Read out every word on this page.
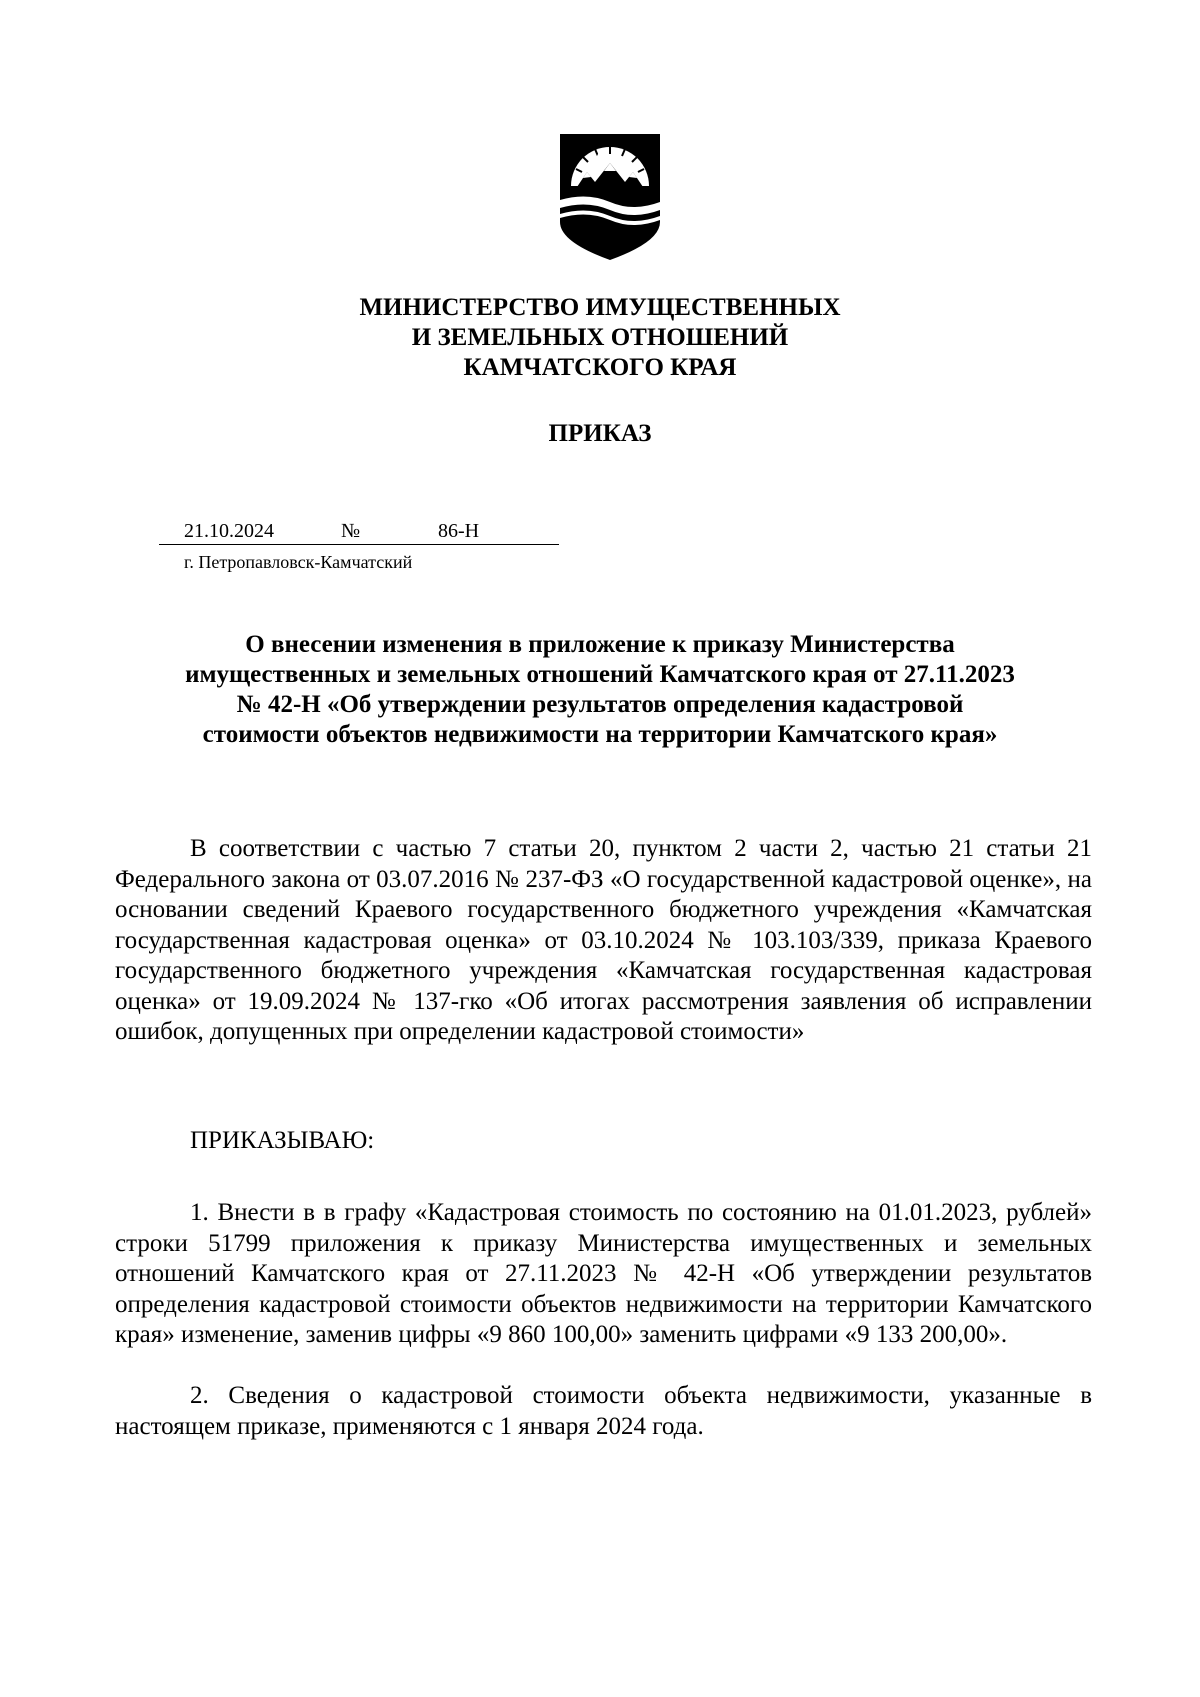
МИНИСТЕРСТВО ИМУЩЕСТВЕННЫХ
И ЗЕМЕЛЬНЫХ ОТНОШЕНИЙ
КАМЧАТСКОГО КРАЯ
ПРИКАЗ
21.10.2024	№	86-Н
г. Петропавловск-Камчатский
О внесении изменения в приложение к приказу Министерства
имущественных и земельных отношений Камчатского края от 27.11.2023
№ 42-Н «Об утверждении результатов определения кадастровой
стоимости объектов недвижимости на территории Камчатского края»
В соответствии с частью 7 статьи 20, пунктом 2 части 2, частью 21 статьи 21 Федерального закона от 03.07.2016 № 237-ФЗ «О государственной кадастровой оценке», на основании сведений Краевого государственного бюджетного учреждения «Камчатская государственная кадастровая оценка» от 03.10.2024 № 103.103/339, приказа Краевого государственного бюджетного учреждения «Камчатская государственная кадастровая оценка» от 19.09.2024 № 137-гко «Об итогах рассмотрения заявления об исправлении ошибок, допущенных при определении кадастровой стоимости»
ПРИКАЗЫВАЮ:
1. Внести в в графу «Кадастровая стоимость по состоянию на 01.01.2023, рублей» строки 51799 приложения к приказу Министерства имущественных и земельных отношений Камчатского края от 27.11.2023 № 42-Н «Об утверждении результатов определения кадастровой стоимости объектов недвижимости на территории Камчатского края» изменение, заменив цифры «9 860 100,00» заменить цифрами «9 133 200,00».
2. Сведения о кадастровой стоимости объекта недвижимости, указанные в настоящем приказе, применяются с 1 января 2024 года.
